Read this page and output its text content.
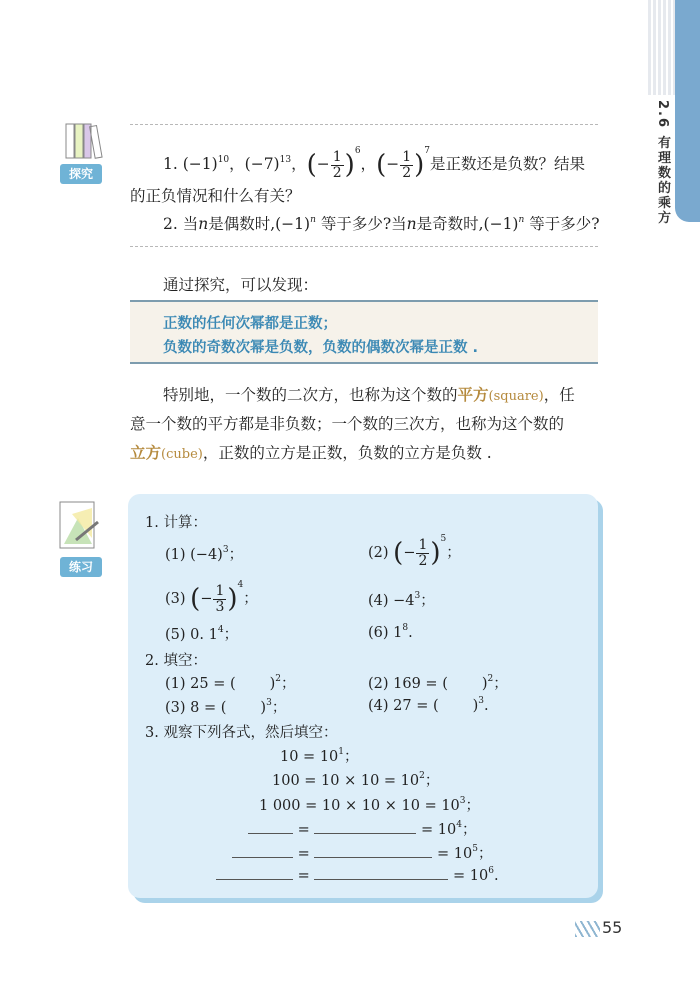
2.6 有理数的乘方
探究
1. $(-1)^{10}$，$(-7)^{13}$，(− $\frac{1}{2} )^6$，(− $\frac{1}{2} )^7$是正数还是负数？结果
的正负情况和什么有关？
2. 当n是偶数时$,(-1)^n$ 等于多少?当n是奇数时$,(-1)^n$ 等于多少?
通过探究，可以发现：
正数的任何次幂都是正数；
负数的奇数次幂是负数，负数的偶数次幂是正数 .
特别地，一个数的二次方，也称为这个数的平方(square)，任
意一个数的平方都是非负数；一个数的三次方，也称为这个数的
立方(cube)，正数的立方是正数，负数的立方是负数 .
练习
1. 计算：
(1) $(-4)^3$；	(2) (− $\frac{1}{2} )^5$；
(3) (− $\frac{1}{3} )^4$；	$(4) -4^3$；
(5) 0. $1^4$；	(6) $1^8$.
2. 填空：
(1) 25 = ( )$^2$；	(2) 169 = ( )$^2$；
(3) 8 = ( )$^3$；	(4) 27 = ( )$^3$.
3. 观察下列各式，然后填空：
$10 = 10^1$；
$100 = 10 \times 10 = 10^2$；
1 $000 = 10 \times 10 \times 10 = 10^3$；
=	= $10^4$；
=	= $10^5$；
=	= $10^6$.
55
